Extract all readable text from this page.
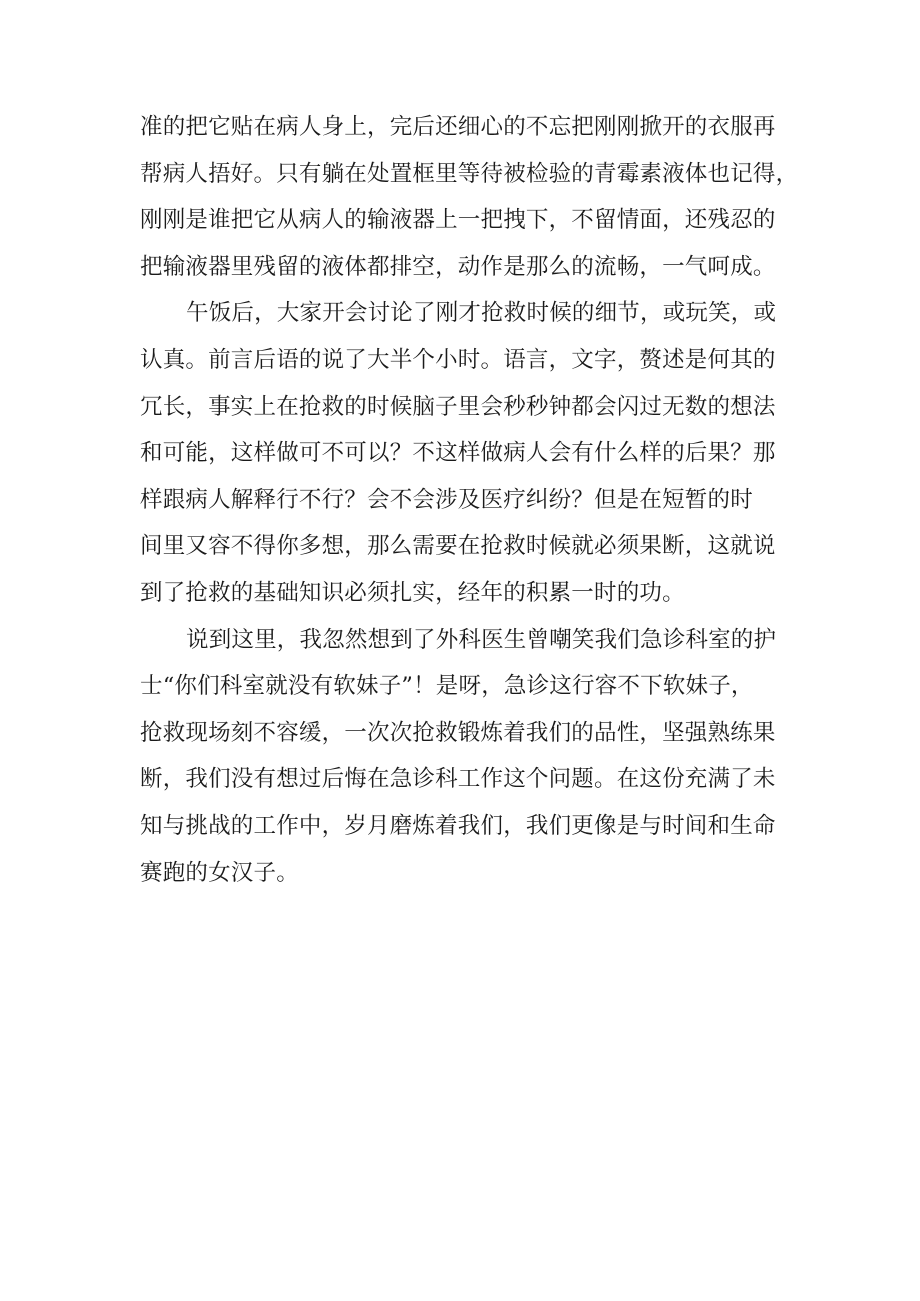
准的把它贴在病人身上，完后还细心的不忘把刚刚掀开的衣服再
帮病人捂好。只有躺在处置框里等待被检验的青霉素液体也记得，
刚刚是谁把它从病人的输液器上一把拽下，不留情面，还残忍的
把输液器里残留的液体都排空，动作是那么的流畅，一气呵成。
午饭后，大家开会讨论了刚才抢救时候的细节，或玩笑，或
认真。前言后语的说了大半个小时。语言，文字，赘述是何其的
冗长，事实上在抢救的时候脑子里会秒秒钟都会闪过无数的想法
和可能，这样做可不可以？不这样做病人会有什么样的后果？那
样跟病人解释行不行？会不会涉及医疗纠纷？但是在短暂的时
间里又容不得你多想，那么需要在抢救时候就必须果断，这就说
到了抢救的基础知识必须扎实，经年的积累一时的功。
说到这里，我忽然想到了外科医生曾嘲笑我们急诊科室的护
士“你们科室就没有软妹子”！是呀，急诊这行容不下软妹子，
抢救现场刻不容缓，一次次抢救锻炼着我们的品性，坚强熟练果
断，我们没有想过后悔在急诊科工作这个问题。在这份充满了未
知与挑战的工作中，岁月磨炼着我们，我们更像是与时间和生命
赛跑的女汉子。
